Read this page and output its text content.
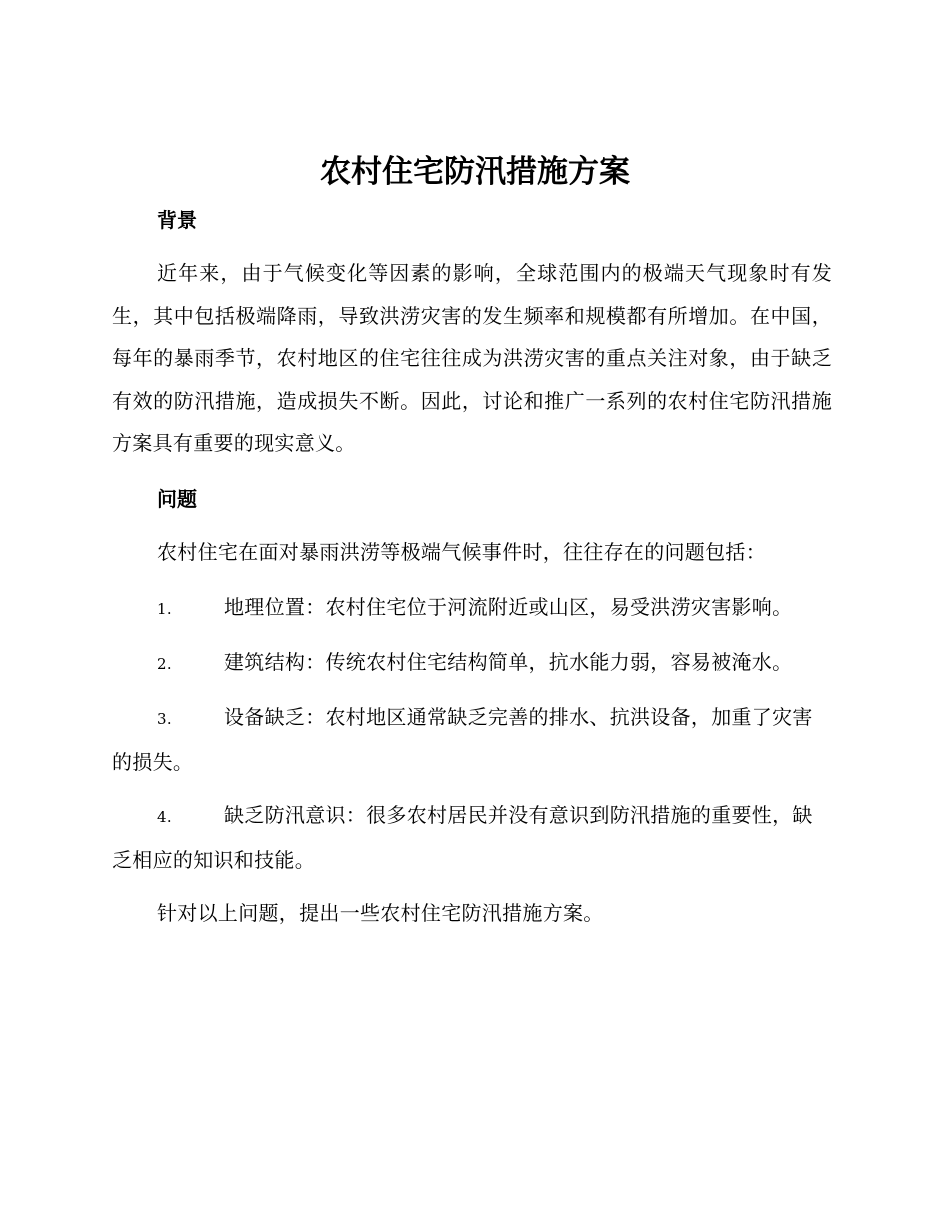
农村住宅防汛措施方案
背景

近年来，由于气候变化等因素的影响，全球范围内的极端天气现象时有发生，其中包括极端降雨，导致洪涝灾害的发生频率和规模都有所增加。在中国，每年的暴雨季节，农村地区的住宅往往成为洪涝灾害的重点关注对象，由于缺乏有效的防汛措施，造成损失不断。因此，讨论和推广一系列的农村住宅防汛措施方案具有重要的现实意义。

问题

农村住宅在面对暴雨洪涝等极端气候事件时，往往存在的问题包括：

1.	地理位置：农村住宅位于河流附近或山区，易受洪涝灾害影响。

2.	建筑结构：传统农村住宅结构简单，抗水能力弱，容易被淹水。

3.	设备缺乏：农村地区通常缺乏完善的排水、抗洪设备，加重了灾害的损失。

4.	缺乏防汛意识：很多农村居民并没有意识到防汛措施的重要性，缺乏相应的知识和技能。

针对以上问题，提出一些农村住宅防汛措施方案。
